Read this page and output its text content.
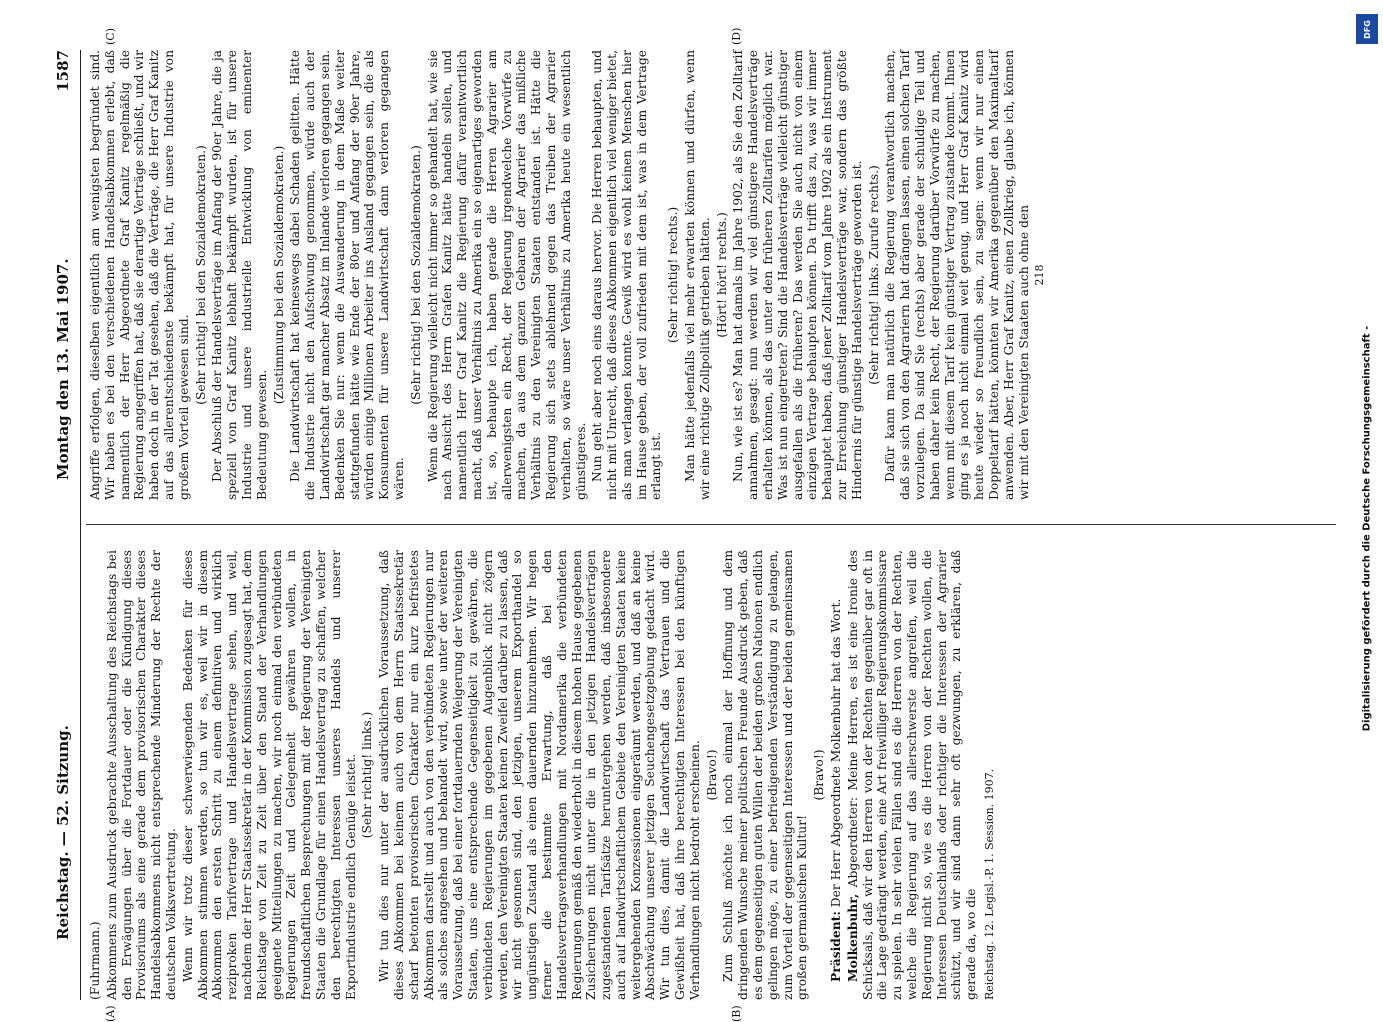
Reichstag. — 52. Sitzung.
Montag den 13. Mai 1907.
1587
(A)	(B)
(C)	(D)

(Fuhrmann.) Abkommens zum Ausdruck gebrachte Ausschaltung des Reichstags bei den Erwägungen über die Fortdauer oder die Kündigung dieses Provisoriums als eine gerade dem provisorischen Charakter dieses Handelsabkommens nicht entsprechende Minderung der Rechte der deutschen Volksvertretung. Wenn wir trotz dieser schwerwiegenden Bedenken für dieses Abkommen stimmen werden, so tun wir es, weil wir in diesem Abkommen den ersten Schritt zu einem definitiven und wirklich reziproken Tarifvertrage und Handelsvertrage sehen, und weil, nachdem der Herr Staatssekretär in der Kommission zugesagt hat, dem Reichstage von Zeit zu Zeit über den Stand der Verhandlungen geeignete Mitteilungen zu machen, wir noch einmal den verbündeten Regierungen Zeit und Gelegenheit gewähren wollen, in freundschaftlichen Besprechungen mit der Regierung der Vereinigten Staaten die Grundlage für einen Handelsvertrag zu schaffen, welcher den berechtigten Interessen unseres Handels und unserer Exportindustrie endlich Genüge leistet. (Sehr richtig! links.) Wir tun dies nur unter der ausdrücklichen Voraussetzung, daß dieses Abkommen bei keinem auch von dem Herrn Staatssekretär scharf betonten provisorischen Charakter nur ein kurz befristetes Abkommen darstellt und auch von den verbündeten Regierungen nur als solches angesehen und behandelt wird, sowie unter der weiteren Voraussetzung, daß bei einer fortdauernden Weigerung der Vereinigten Staaten, uns eine entsprechende Gegenseitigkeit zu gewähren, die verbündeten Regierungen im gegebenen Augenblick nicht zögern werden, den Vereinigten Staaten keinen Zweifel darüber zu lassen, daß wir nicht gesonnen sind, den jetzigen, unserem Exporthandel so ungünstigen Zustand als einen dauernden hinzunehmen. Wir hegen ferner die bestimmte Erwartung, daß bei den Handelsvertragsverhandlungen mit Nordamerika die verbündeten Regierungen gemäß den wiederholt in diesem hohen Hause gegebenen Zusicherungen nicht unter die in den jetzigen Handelsverträgen zugestandenen Tarifsätze heruntergehen werden, daß insbesondere auch auf landwirtschaftlichem Gebiete den Vereinigten Staaten keine weitergehenden Konzessionen eingeräumt werden, und daß an keine Abschwächung unserer jetzigen Seuchengesetzgebung gedacht wird. Wir tun dies, damit die Landwirtschaft das Vertrauen und die Gewißheit hat, daß ihre berechtigten Interessen bei den künftigen Verhandlungen nicht bedroht erscheinen. (Bravo!) Zum Schluß möchte ich noch einmal der Hoffnung und dem dringenden Wunsche meiner politischen Freunde Ausdruck geben, daß es dem gegenseitigen guten Willen der beiden großen Nationen endlich gelingen möge, zu einer befriedigenden Verständigung zu gelangen, zum Vorteil der gegenseitigen Interessen und der beiden gemeinsamen großen germanischen Kultur!

(Bravo!)

Präsident: Der Herr Abgeordnete Molkenbuhr hat das Wort.

Molkenbuhr, Abgeordneter: Meine Herren, es ist eine Ironie des Schicksals, daß wir den Herren von der Rechten gegenüber gar oft in die Lage gedrängt werden, eine Art freiwilliger Regierungskommissare zu spielen. In sehr vielen Fällen sind es die Herren von der Rechten, welche die Regierung auf das allerschwerste angreifen, weil die Regierung nicht so, wie es die Herren von der Rechten wollen, die Interessen Deutschlands oder richtiger die Interessen der Agrarier schützt, und wir sind dann sehr oft gezwungen, zu erklären, daß gerade da, wo die Reichstag. 12. Legisl.-P. 1. Session. 1907.

Angriffe erfolgen, dieselben eigentlich am wenigsten begründet sind. Wir haben es bei den verschiedenen Handelsabkommen erlebt, daß namentlich der Herr Abgeordnete Graf Kanitz regelmäßig die Regierung angegriffen hat, daß sie derartige Verträge schließt, und wir haben doch in der Tat gesehen, daß die Verträge, die Herr Graf Kanitz auf das allerentschiedenste bekämpft hat, für unsere Industrie von großem Vorteil gewesen sind.

(Sehr richtig! bei den Sozialdemokraten.) Der Abschluß der Handelsverträge im Anfang der 90er Jahre, die ja speziell von Graf Kanitz lebhaft bekämpft wurden, ist für unsere Industrie und unsere industrielle Entwicklung von eminenter Bedeutung gewesen.

(Zustimmung bei den Sozialdemokraten.) Die Landwirtschaft hat keineswegs dabei Schaden gelitten. Hätte die Industrie nicht den Aufschwung genommen, würde auch der Landwirtschaft gar mancher Absatz im Inlande verloren gegangen sein. Bedenken Sie nur: wenn die Auswanderung in dem Maße weiter stattgefunden hätte wie Ende der 80er und Anfang der 90er Jahre, würden einige Millionen Arbeiter ins Ausland gegangen sein, die als Konsumenten für unsere Landwirtschaft dann verloren gegangen wären.

(Sehr richtig! bei den Sozialdemokraten.) Wenn die Regierung vielleicht nicht immer so gehandelt hat, wie sie nach Ansicht des Herrn Grafen Kanitz hätte handeln sollen, und namentlich Herr Graf Kanitz die Regierung dafür verantwortlich macht, daß unser Verhältnis zu Amerika ein so eigenartiges geworden ist, so, behaupte ich, haben gerade die Herren Agrarier am allerwenigsten ein Recht, der Regierung irgendwelche Vorwürfe zu machen, da aus dem ganzen Gebaren der Agrarier das mißliche Verhältnis zu den Vereinigten Staaten entstanden ist. Hätte die Regierung sich stets ablehnend gegen das Treiben der Agrarier verhalten, so wäre unser Verhältnis zu Amerika heute ein wesentlich günstigeres. Nun geht aber noch eins daraus hervor. Die Herren behaupten, und nicht mit Unrecht, daß dieses Abkommen eigentlich viel weniger bietet, als man verlangen konnte. Gewiß wird es wohl keinen Menschen hier im Hause geben, der voll zufrieden mit dem ist, was in dem Vertrage erlangt ist.

(Sehr richtig! rechts.) Man hätte jedenfalls viel mehr erwarten können und dürfen, wenn wir eine richtige Zollpolitik getrieben hätten. (Hört! hört! rechts.) Nun, wie ist es? Man hat damals im Jahre 1902, als Sie den Zolltarif annahmen, gesagt: nun werden wir viel günstigere Handelsverträge erhalten können, als das unter den früheren Zolltarifen möglich war. Was ist nun eingetreten? Sind die Handelsverträge vielleicht günstiger ausgefallen als die früheren? Das werden Sie auch nicht von einem einzigen Vertrage behaupten können. Da trifft das zu, was wir immer behauptet haben, daß jener Zolltarif vom Jahre 1902 als ein Instrument zur Erreichung günstiger Handelsverträge war, sondern das größte Hindernis für günstige Handelsverträge geworden ist. (Sehr richtig! links. Zurufe rechts.) Dafür kann man natürlich die Regierung verantwortlich machen, daß sie sich von den Agrariern hat drängen lassen, einen solchen Tarif vorzulegen. Da sind Sie (rechts) aber gerade der schuldige Teil und haben daher kein Recht, der Regierung darüber Vorwürfe zu machen, wenn mit diesem Tarif kein günstiger Vertrag zustande kommt. Ihnen ging es ja noch nicht einmal weit genug, und Herr Graf Kanitz wird heute wieder so freundlich sein, zu sagen: wenn wir nur einen Doppeltarif hätten, könnten wir Amerika gegenüber den Maximaltarif anwenden. Aber, Herr Graf Kanitz, einen Zollkrieg, glaube ich, können wir mit den Vereinigten Staaten auch ohne den 218

DFG
Digitalisierung gefördert durch die Deutsche Forschungsgemeinschaft -
